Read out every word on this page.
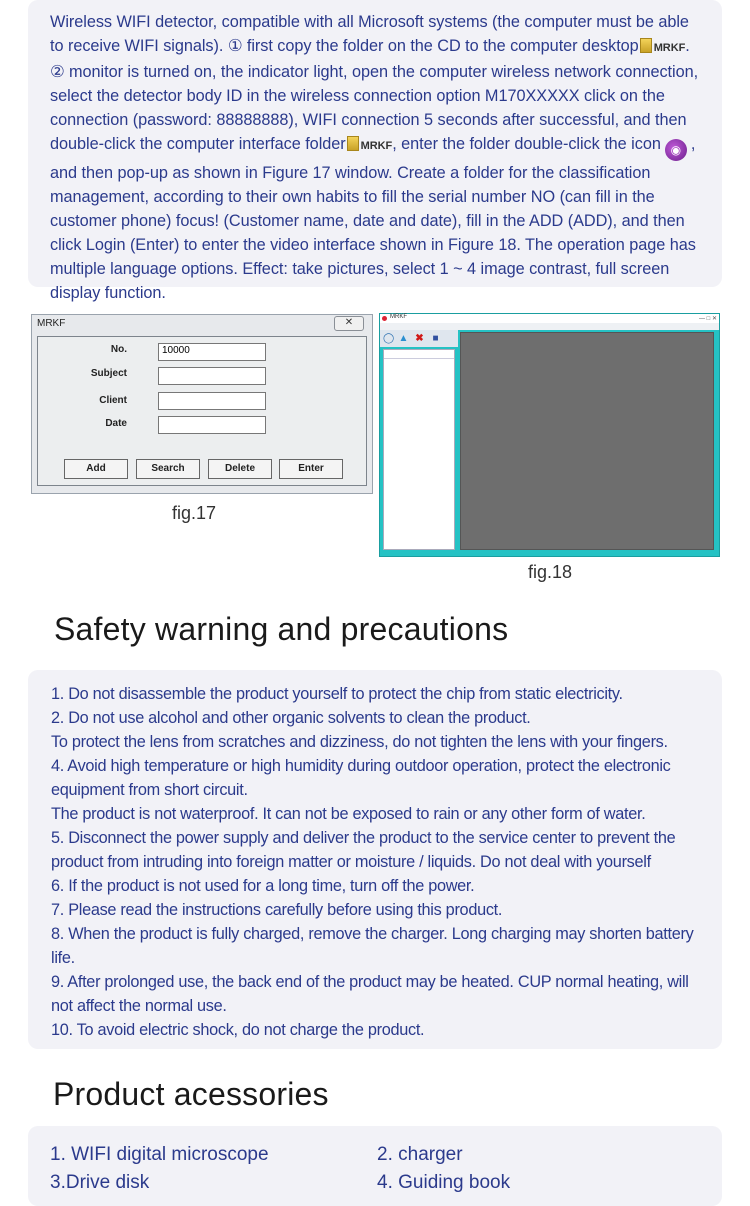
Wireless WIFI detector, compatible with all Microsoft systems (the computer must be able to receive WIFI signals). ① first copy the folder on the CD to the computer desktop MRKF. ② monitor is turned on, the indicator light, open the computer wireless network connection, select the detector body ID in the wireless connection option M170XXXXX click on the connection (password: 88888888), WIFI connection 5 seconds after successful, and then double-click the computer interface folder MRKF, enter the folder double-click the icon ◉ , and then pop-up as shown in Figure 17 window. Create a folder for the classification management, according to their own habits to fill the serial number NO (can fill in the customer phone) focus! (Customer name, date and date), fill in the ADD (ADD), and then click Login (Enter) to enter the video interface shown in Figure 18. The operation page has multiple language options. Effect: take pictures, select 1 ~ 4 image contrast, full screen display function.

MRKF	✕
No.	10000
Subject
Client
Date
Add	Search	Delete	Enter
fig.17
MRKF	— □ ✕
◯ ▲ ✖ ■
fig.18
Safety warning and precautions

1. Do not disassemble the product yourself to protect the chip from static electricity.

2. Do not use alcohol and other organic solvents to clean the product.

To protect the lens from scratches and dizziness, do not tighten the lens with your fingers.

4. Avoid high temperature or high humidity during outdoor operation, protect the electronic equipment from short circuit.

The product is not waterproof. It can not be exposed to rain or any other form of water.

5. Disconnect the power supply and deliver the product to the service center to prevent the product from intruding into foreign matter or moisture / liquids. Do not deal with yourself

6. If the product is not used for a long time, turn off the power.

7. Please read the instructions carefully before using this product.

8. When the product is fully charged, remove the charger. Long charging may shorten battery life.

9. After prolonged use, the back end of the product may be heated. CUP normal heating, will not affect the normal use.

10. To avoid electric shock, do not charge the product.

Product acessories
1. WIFI digital microscope	2. charger
3.Drive disk	4. Guiding book
